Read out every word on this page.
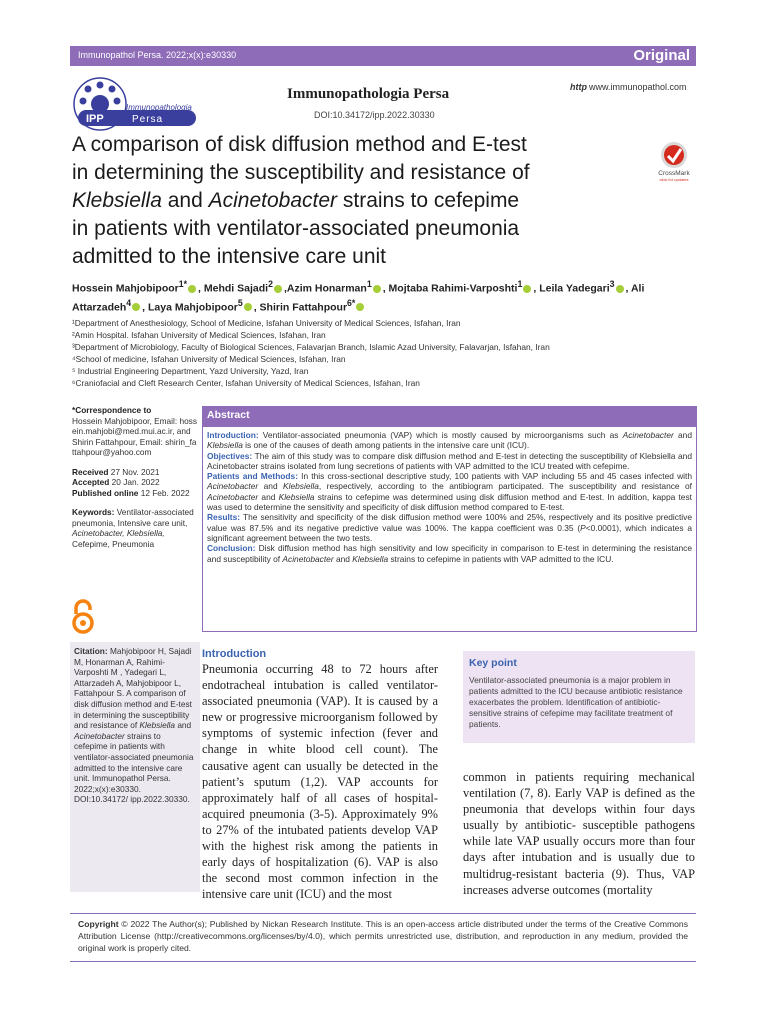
Immunopathol Persa. 2022;x(x):e30330	Original
IPP
Immunopathologia
Persa
Immunopathologia Persa
DOI:10.34172/ipp.2022.30330
http www.immunopathol.com
CrossMark
click for updates
A comparison of disk diffusion method and E-test
in determining the susceptibility and resistance of
Klebsiella and Acinetobacter strains to cefepime
in patients with ventilator-associated pneumonia
admitted to the intensive care unit
Hossein Mahjobipoor$^{1*}$ , Mehdi Sajadi$^2$ ,Azim Honarman$^1$ , Mojtaba Rahimi-Varposhti$^1$ , Leila Yadegari$^3$ , Ali Attarzadeh$^4$ , Laya Mahjobipoor$^5$ , Shirin Fattahpour$^{6*}$
¹Department of Anesthesiology, School of Medicine, Isfahan University of Medical Sciences, Isfahan, Iran
²Amin Hospital. Isfahan University of Medical Sciences, Isfahan, Iran
³Department of Microbiology, Faculty of Biological Sciences, Falavarjan Branch, Islamic Azad University, Falavarjan, Isfahan, Iran
⁴School of medicine, Isfahan University of Medical Sciences, Isfahan, Iran
⁵ Industrial Engineering Department, Yazd University, Yazd, Iran
⁶Craniofacial and Cleft Research Center, Isfahan University of Medical Sciences, Isfahan, Iran
*Correspondence to
Hossein Mahjobipoor, Email: hossein.mahjobi@med.mui.ac.ir, and Shirin Fattahpour, Email: shirin_fattahpour@yahoo.com
Received 27 Nov. 2021
Accepted 20 Jan. 2022
Published online 12 Feb. 2022
Keywords: Ventilator-associated pneumonia, Intensive care unit, Acinetobacter, Klebsiella, Cefepime, Pneumonia
Citation: Mahjobipoor H, Sajadi M, Honarman A, Rahimi-Varposhti M , Yadegari L, Attarzadeh A, Mahjobipoor L, Fattahpour S. A comparison of disk diffusion method and E-test in determining the susceptibility and resistance of Klebsiella and Acinetobacter strains to cefepime in patients with ventilator-associated pneumonia admitted to the intensive care unit. Immunopathol Persa. 2022;x(x):e30330. DOI:10.34172/ ipp.2022.30330.
Abstract
Introduction: Ventilator-associated pneumonia (VAP) which is mostly caused by microorganisms such as Acinetobacter and Klebsiella is one of the causes of death among patients in the intensive care unit (ICU).
Objectives: The aim of this study was to compare disk diffusion method and E-test in detecting the susceptibility of Klebsiella and Acinetobacter strains isolated from lung secretions of patients with VAP admitted to the ICU treated with cefepime.
Patients and Methods: In this cross-sectional descriptive study, 100 patients with VAP including 55 and 45 cases infected with Acinetobacter and Klebsiella, respectively, according to the antibiogram participated. The susceptibility and resistance of Acinetobacter and Klebsiella strains to cefepime was determined using disk diffusion method and E-test. In addition, kappa test was used to determine the sensitivity and specificity of disk diffusion method compared to E-test.
Results: The sensitivity and specificity of the disk diffusion method were 100% and 25%, respectively and its positive predictive value was 87.5% and its negative predictive value was 100%. The kappa coefficient was 0.35 (P<0.0001), which indicates a significant agreement between the two tests.
Conclusion: Disk diffusion method has high sensitivity and low specificity in comparison to E-test in determining the resistance and susceptibility of Acinetobacter and Klebsiella strains to cefepime in patients with VAP admitted to the ICU.
Introduction
Pneumonia occurring 48 to 72 hours after endotracheal intubation is called ventilator-associated pneumonia (VAP). It is caused by a new or progressive microorganism followed by symptoms of systemic infection (fever and change in white blood cell count). The causative agent can usually be detected in the patient’s sputum (1,2). VAP accounts for approximately half of all cases of hospital-acquired pneumonia (3-5). Approximately 9% to 27% of the intubated patients develop VAP with the highest risk among the patients in early days of hospitalization (6). VAP is also the second most common infection in the intensive care unit (ICU) and the most
Key point
Ventilator-associated pneumonia is a major problem in patients admitted to the ICU because antibiotic resistance exacerbates the problem. Identification of antibiotic-sensitive strains of cefepime may facilitate treatment of patients.
common in patients requiring mechanical ventilation (7, 8). Early VAP is defined as the pneumonia that develops within four days usually by antibiotic- susceptible pathogens while late VAP usually occurs more than four days after intubation and is usually due to multidrug-resistant bacteria (9). Thus, VAP increases adverse outcomes (mortality
Copyright © 2022 The Author(s); Published by Nickan Research Institute. This is an open-access article distributed under the terms of the Creative Commons Attribution License (http://creativecommons.org/licenses/by/4.0), which permits unrestricted use, distribution, and reproduction in any medium, provided the original work is properly cited.
